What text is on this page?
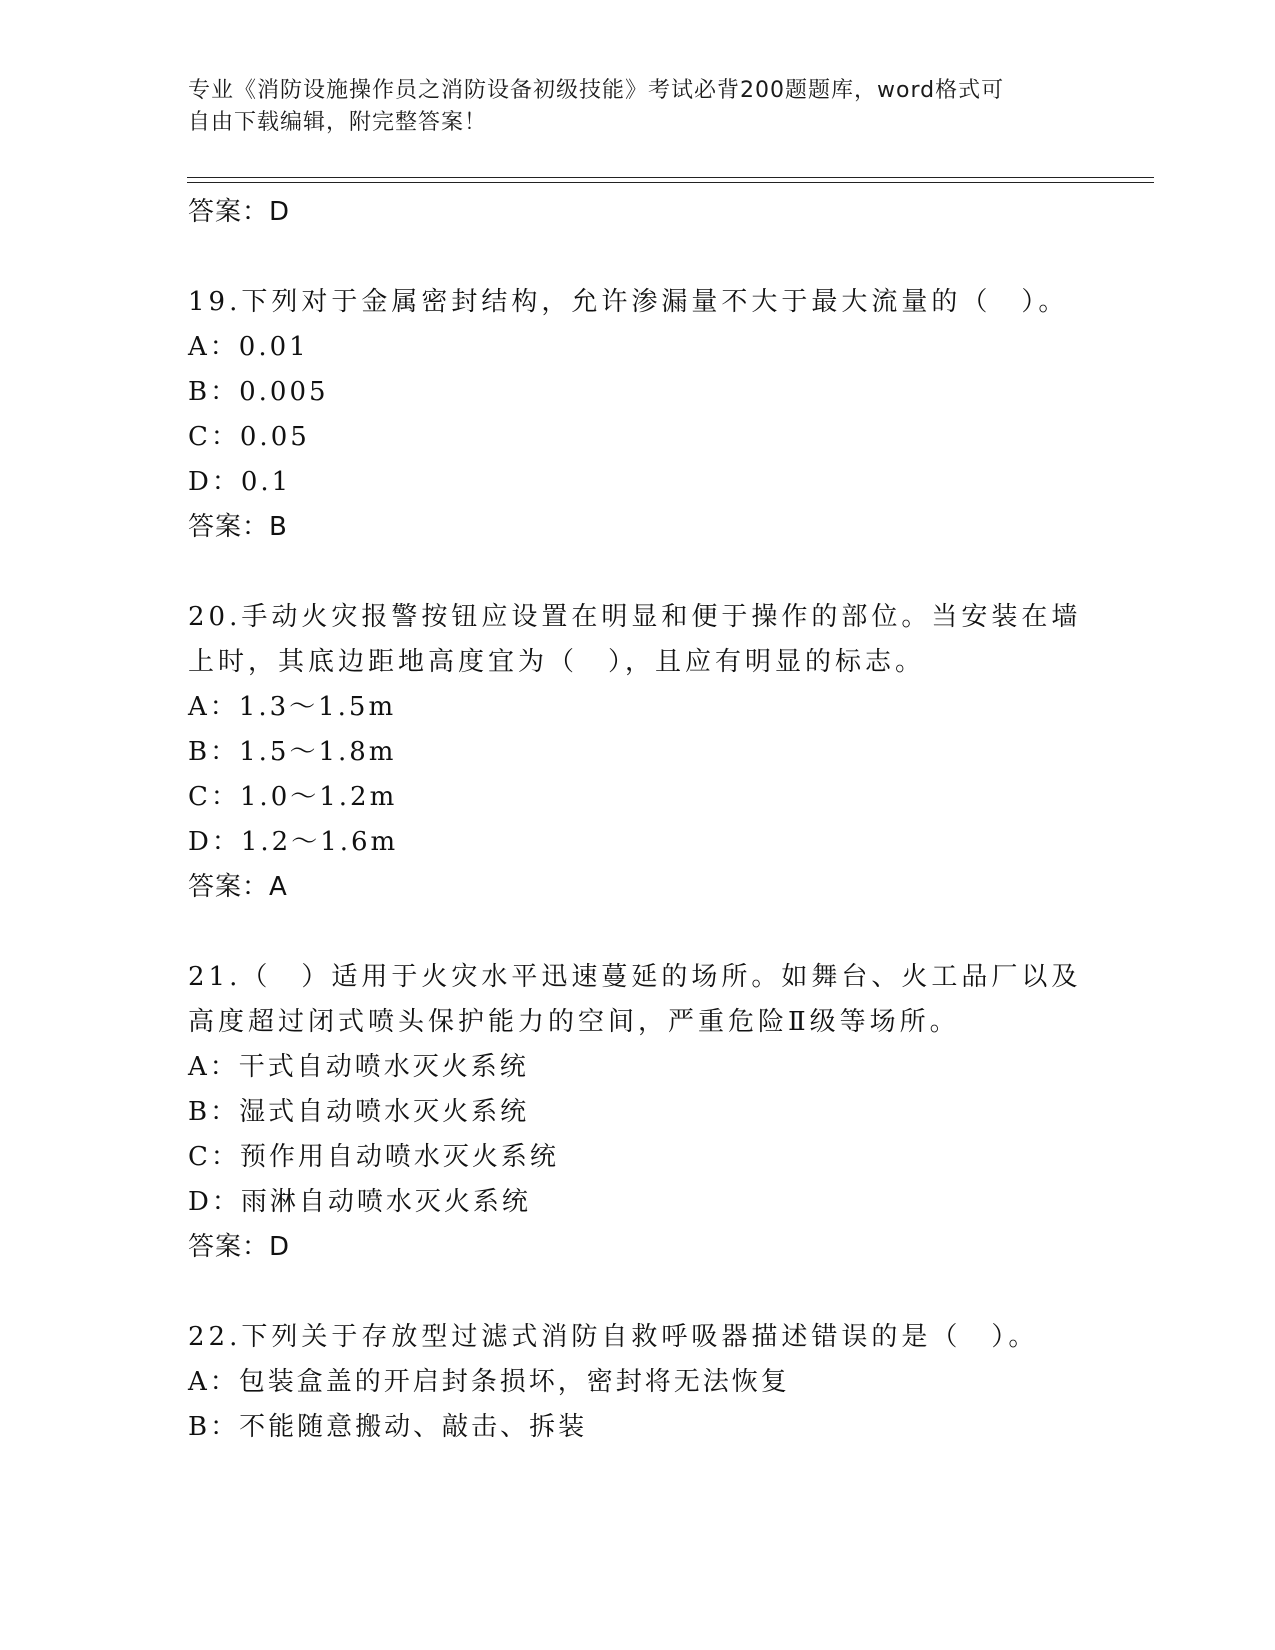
专业《消防设施操作员之消防设备初级技能》考试必背200题题库，word格式可
自由下载编辑，附完整答案！
答案：D
19.下列对于金属密封结构，允许渗漏量不大于最大流量的（　）。
A：0.01
B：0.005
C：0.05
D：0.1
答案：B
20.手动火灾报警按钮应设置在明显和便于操作的部位。当安装在墙上时，其底边距地高度宜为（　），且应有明显的标志。
A：1.3～1.5m
B：1.5～1.8m
C：1.0～1.2m
D：1.2～1.6m
答案：A
21.（　）适用于火灾水平迅速蔓延的场所。如舞台、火工品厂以及高度超过闭式喷头保护能力的空间，严重危险Ⅱ级等场所。
A：干式自动喷水灭火系统
B：湿式自动喷水灭火系统
C：预作用自动喷水灭火系统
D：雨淋自动喷水灭火系统
答案：D
22.下列关于存放型过滤式消防自救呼吸器描述错误的是（　）。
A：包装盒盖的开启封条损坏，密封将无法恢复
B：不能随意搬动、敲击、拆装
